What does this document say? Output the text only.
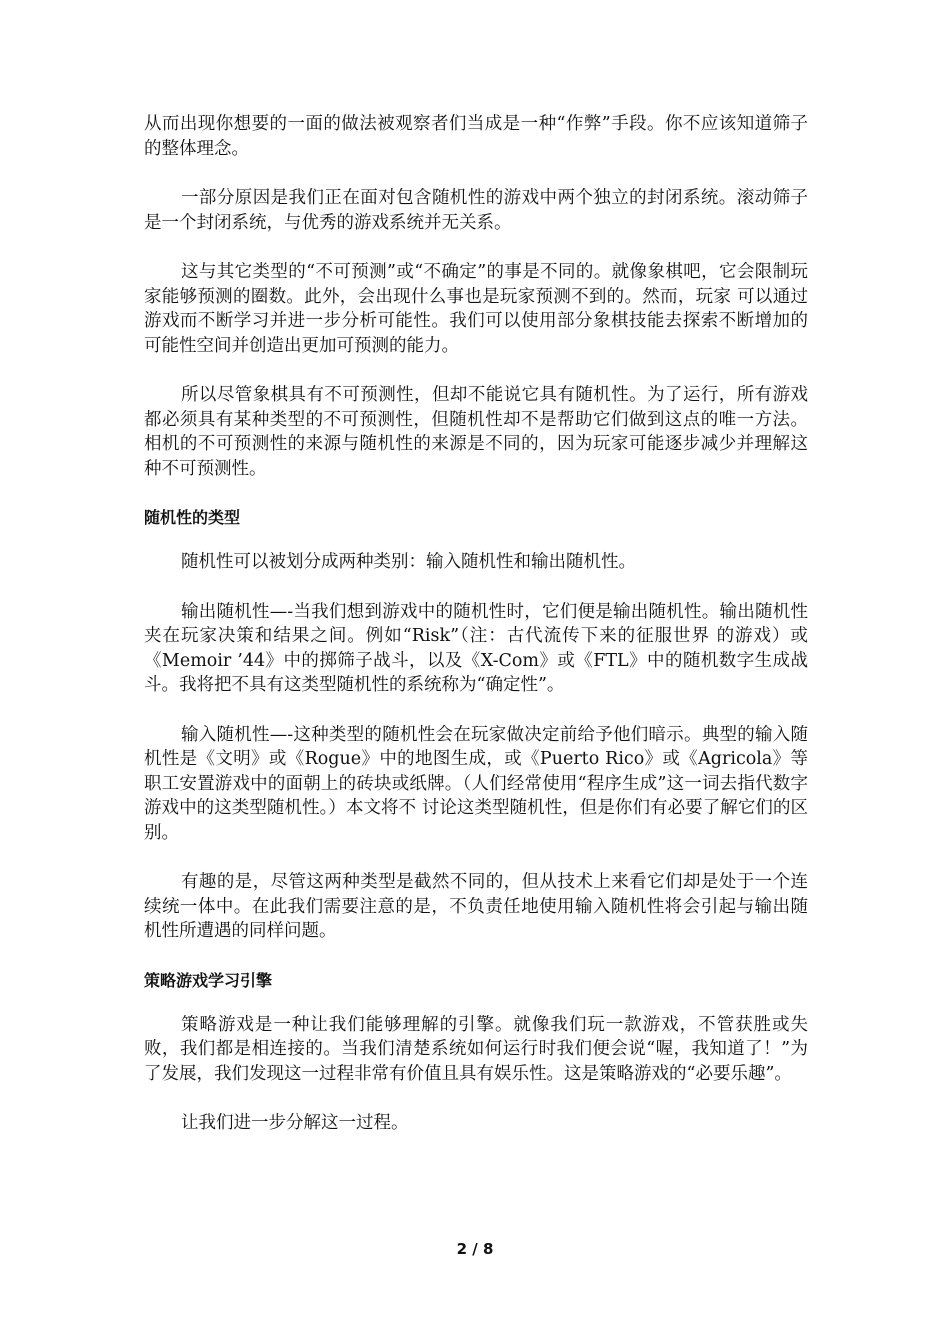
从而出现你想要的一面的做法被观察者们当成是一种“作弊”手段。你不应该知道筛子的整体理念。

一部分原因是我们正在面对包含随机性的游戏中两个独立的封闭系统。滚动筛子是一个封闭系统，与优秀的游戏系统并无关系。

这与其它类型的“不可预测”或“不确定”的事是不同的。就像象棋吧，它会限制玩家能够预测的圈数。此外，会出现什么事也是玩家预测不到的。然而，玩家 可以通过游戏而不断学习并进一步分析可能性。我们可以使用部分象棋技能去探索不断增加的可能性空间并创造出更加可预测的能力。

所以尽管象棋具有不可预测性，但却不能说它具有随机性。为了运行，所有游戏都必须具有某种类型的不可预测性，但随机性却不是帮助它们做到这点的唯一方法。相机的不可预测性的来源与随机性的来源是不同的，因为玩家可能逐步减少并理解这种不可预测性。

随机性的类型

随机性可以被划分成两种类别：输入随机性和输出随机性。

输出随机性—-当我们想到游戏中的随机性时，它们便是输出随机性。输出随机性夹在玩家决策和结果之间。例如“Risk”（注：古代流传下来的征服世界 的游戏）或《Memoir ’44》中的掷筛子战斗，以及《X-Com》或《FTL》中的随机数字生成战斗。我将把不具有这类型随机性的系统称为“确定性”。

输入随机性—-这种类型的随机性会在玩家做决定前给予他们暗示。典型的输入随机性是《文明》或《Rogue》中的地图生成，或《Puerto Rico》或《Agricola》等职工安置游戏中的面朝上的砖块或纸牌。（人们经常使用“程序生成”这一词去指代数字游戏中的这类型随机性。）本文将不 讨论这类型随机性，但是你们有必要了解它们的区别。

有趣的是，尽管这两种类型是截然不同的，但从技术上来看它们却是处于一个连续统一体中。在此我们需要注意的是，不负责任地使用输入随机性将会引起与输出随机性所遭遇的同样问题。

策略游戏学习引擎

策略游戏是一种让我们能够理解的引擎。就像我们玩一款游戏，不管获胜或失败，我们都是相连接的。当我们清楚系统如何运行时我们便会说“喔，我知道了！”为了发展，我们发现这一过程非常有价值且具有娱乐性。这是策略游戏的“必要乐趣”。

让我们进一步分解这一过程。

2 / 8
